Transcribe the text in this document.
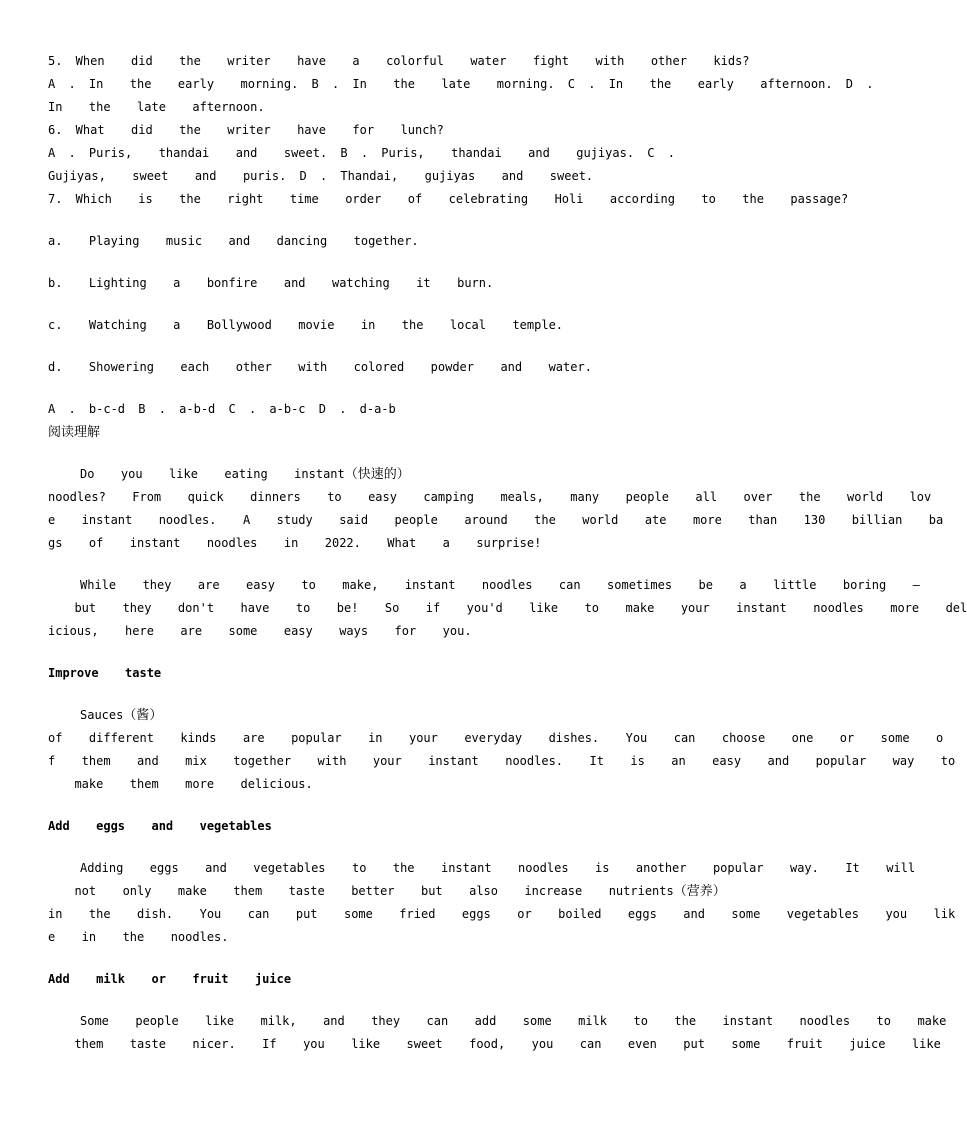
5. When  did  the  writer  have  a  colorful  water  fight  with  other  kids?
A . In  the  early  morning. B . In  the  late  morning. C . In  the  early  afternoon. D .
In  the  late  afternoon.
6. What  did  the  writer  have  for  lunch?
A . Puris,  thandai  and  sweet. B . Puris,  thandai  and  gujiyas. C .
Gujiyas,  sweet  and  puris. D . Thandai,  gujiyas  and  sweet.
7. Which  is  the  right  time  order  of  celebrating  Holi  according  to  the  passage?
a.  Playing  music  and  dancing  together.
b.  Lighting  a  bonfire  and  watching  it  burn.
c.  Watching  a  Bollywood  movie  in  the  local  temple.
d.  Showering  each  other  with  colored  powder  and  water.
A . b-c-d B . a-b-d C . a-b-c D . d-a-b
阅读理解
Do  you  like  eating  instant（快速的）
noodles?  From  quick  dinners  to  easy  camping  meals,  many  people  all  over  the  world  lov
e  instant  noodles.  A  study  said  people  around  the  world  ate  more  than  130  billian  ba
gs  of  instant  noodles  in  2022.  What  a  surprise!
While  they  are  easy  to  make,  instant  noodles  can  sometimes  be  a  little  boring  —
but  they  don't  have  to  be!  So  if  you'd  like  to  make  your  instant  noodles  more  del
icious,  here  are  some  easy  ways  for  you.
Improve  taste
Sauces（酱）
of  different  kinds  are  popular  in  your  everyday  dishes.  You  can  choose  one  or  some  o
f  them  and  mix  together  with  your  instant  noodles.  It  is  an  easy  and  popular  way  to
make  them  more  delicious.
Add  eggs  and  vegetables
Adding  eggs  and  vegetables  to  the  instant  noodles  is  another  popular  way.  It  will
not  only  make  them  taste  better  but  also  increase  nutrients（营养）
in  the  dish.  You  can  put  some  fried  eggs  or  boiled  eggs  and  some  vegetables  you  lik
e  in  the  noodles.
Add  milk  or  fruit  juice
Some  people  like  milk,  and  they  can  add  some  milk  to  the  instant  noodles  to  make
them  taste  nicer.  If  you  like  sweet  food,  you  can  even  put  some  fruit  juice  like
